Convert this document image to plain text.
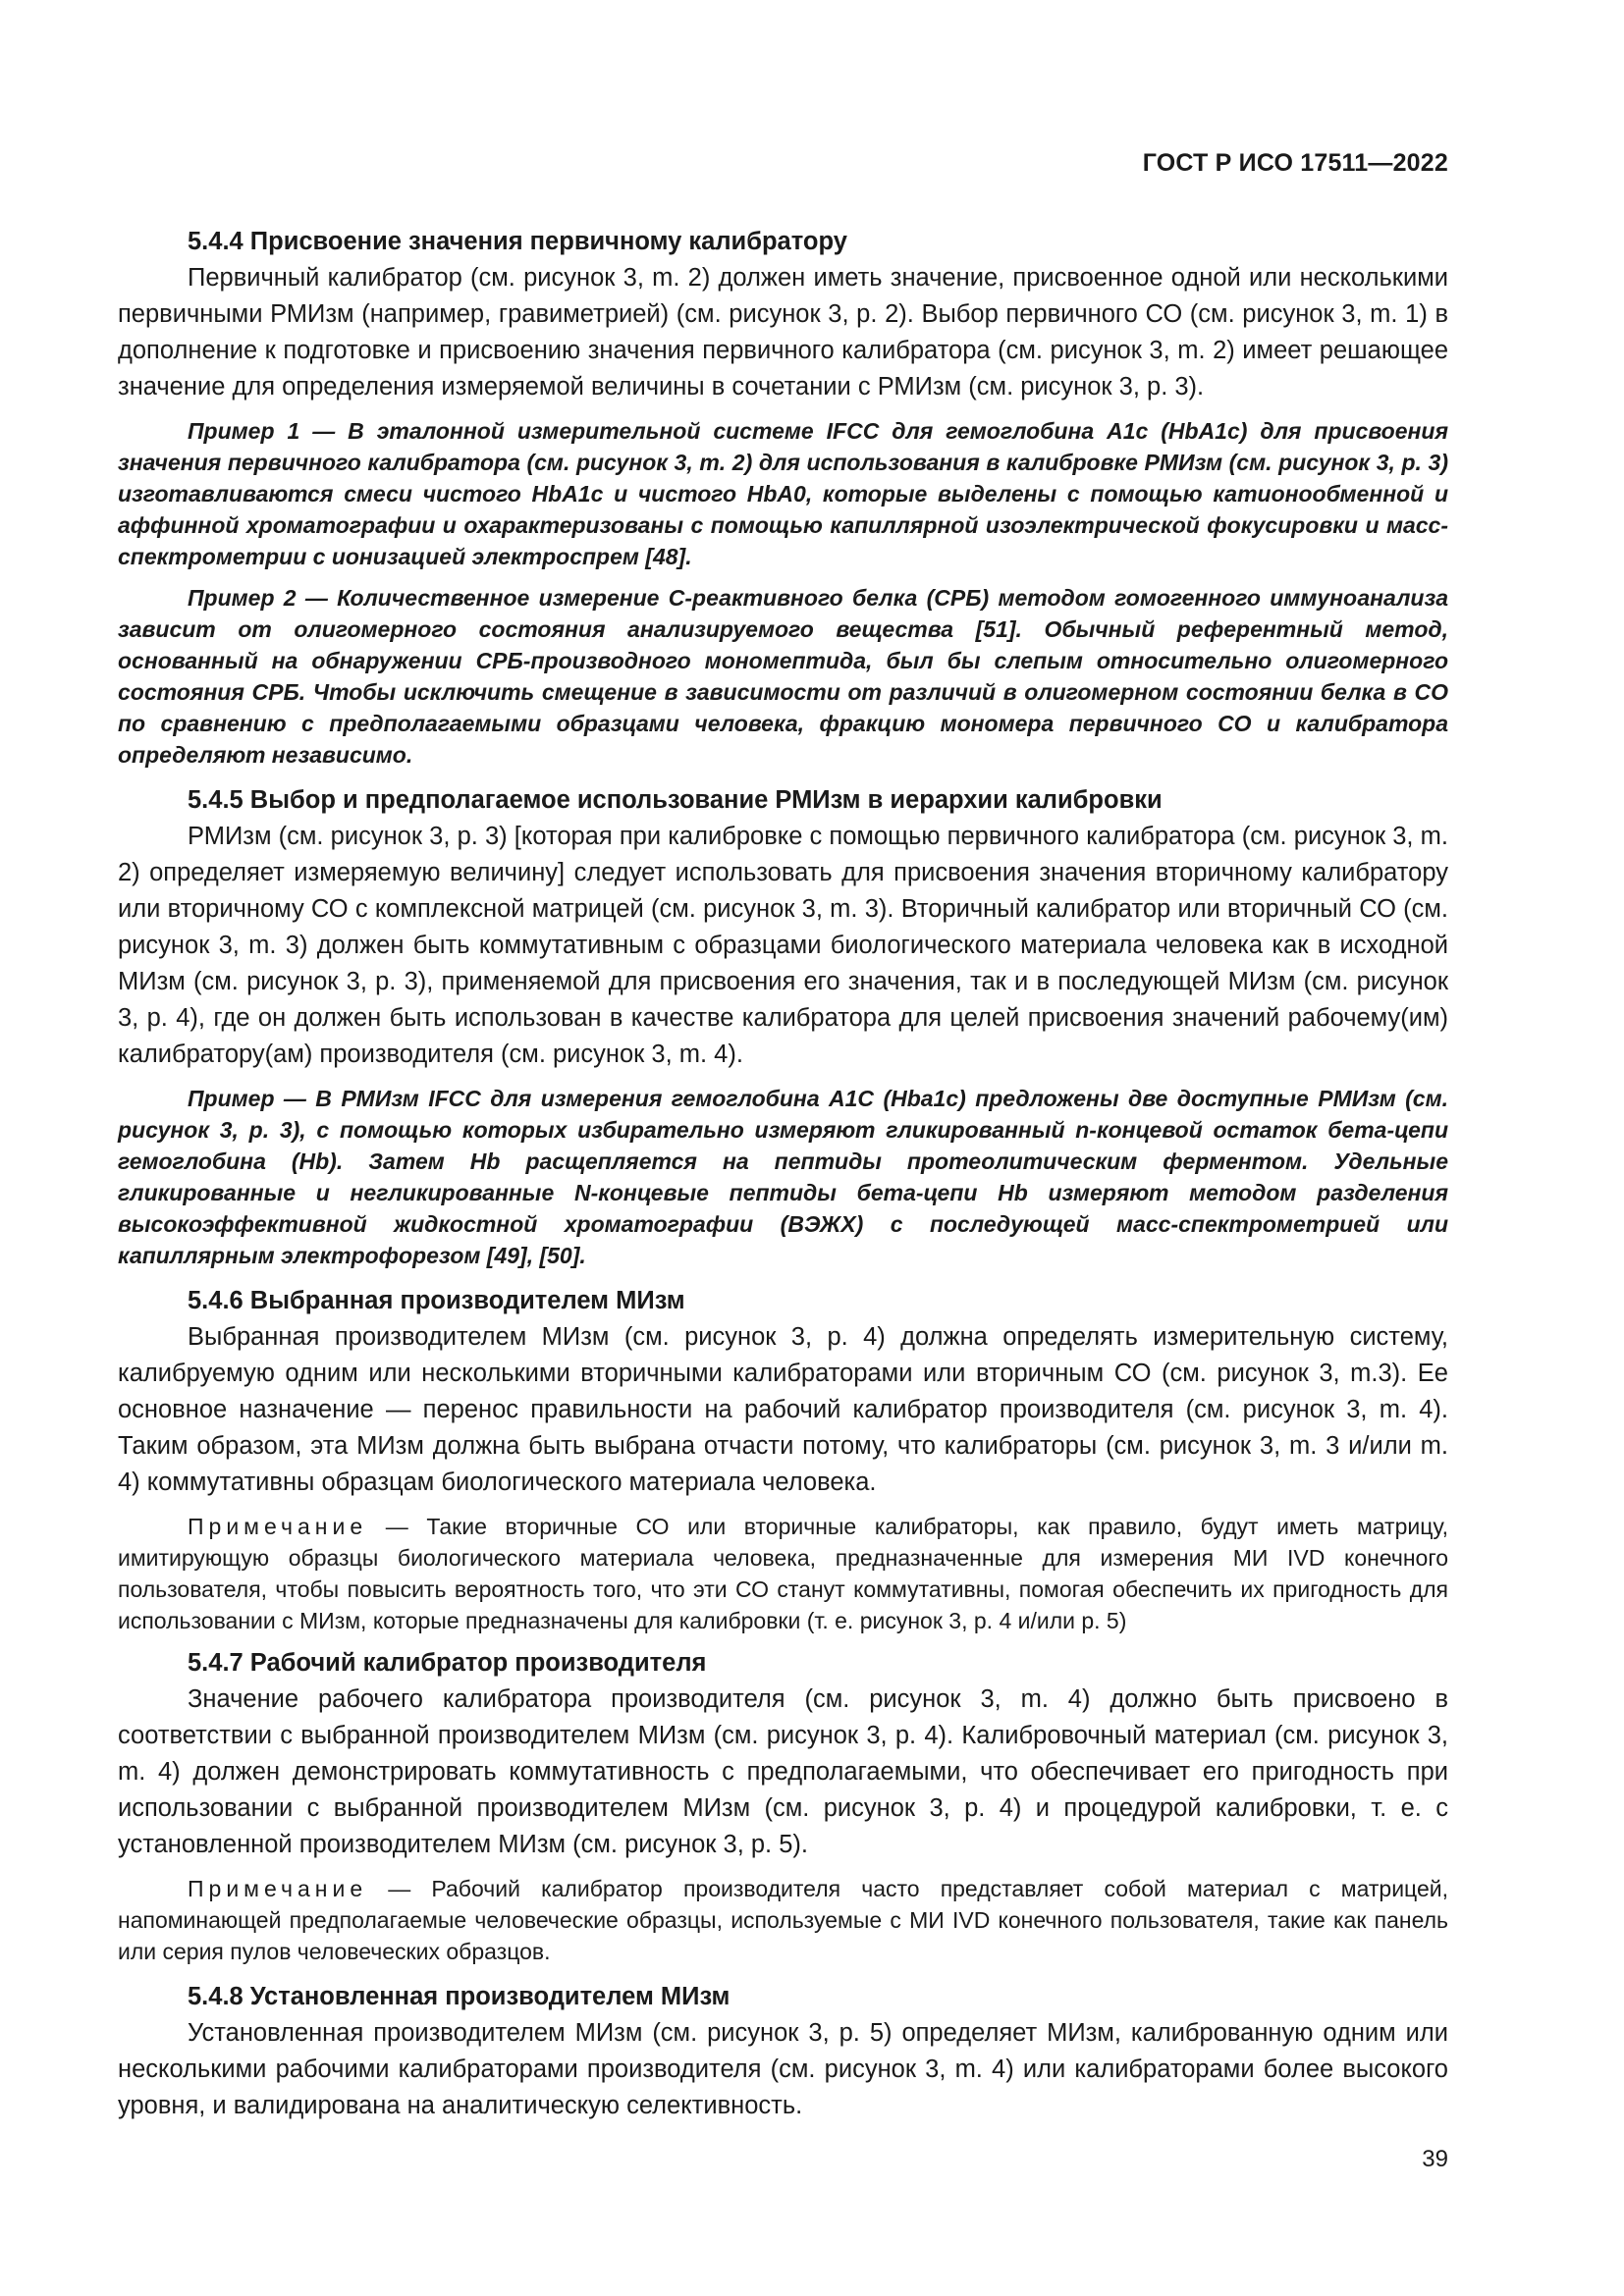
ГОСТ Р ИСО 17511—2022
5.4.4 Присвоение значения первичному калибратору

Первичный калибратор (см. рисунок 3, m. 2) должен иметь значение, присвоенное одной или несколькими первичными РМИзм (например, гравиметрией) (см. рисунок 3, р. 2). Выбор первичного СО (см. рисунок 3, m. 1) в дополнение к подготовке и присвоению значения первичного калибратора (см. рисунок 3, m. 2) имеет решающее значение для определения измеряемой величины в сочетании с РМИзм (см. рисунок 3, р. 3).

Пример 1 — В эталонной измерительной системе IFCC для гемоглобина А1с (HbA1c) для присвоения значения первичного калибратора (см. рисунок 3, m. 2) для использования в калибровке РМИзм (см. рисунок 3, р. 3) изготавливаются смеси чистого HbA1c и чистого HbA0, которые выделены с помощью катионообменной и аффинной хроматографии и охарактеризованы с помощью капиллярной изоэлектрической фокусировки и масс-спектрометрии с ионизацией электроспрем [48].

Пример 2 — Количественное измерение С-реактивного белка (СРБ) методом гомогенного иммуноанализа зависит от олигомерного состояния анализируемого вещества [51]. Обычный референтный метод, основанный на обнаружении СРБ-производного мономептида, был бы слепым относительно олигомерного состояния СРБ. Чтобы исключить смещение в зависимости от различий в олигомерном состоянии белка в СО по сравнению с предполагаемыми образцами человека, фракцию мономера первичного СО и калибратора определяют независимо.

5.4.5 Выбор и предполагаемое использование РМИзм в иерархии калибровки

РМИзм (см. рисунок 3, р. 3) [которая при калибровке с помощью первичного калибратора (см. рисунок 3, m. 2) определяет измеряемую величину] следует использовать для присвоения значения вторичному калибратору или вторичному СО с комплексной матрицей (см. рисунок 3, m. 3). Вторичный калибратор или вторичный СО (см. рисунок 3, m. 3) должен быть коммутативным с образцами биологического материала человека как в исходной МИзм (см. рисунок 3, р. 3), применяемой для присвоения его значения, так и в последующей МИзм (см. рисунок 3, р. 4), где он должен быть использован в качестве калибратора для целей присвоения значений рабочему(им) калибратору(ам) производителя (см. рисунок 3, m. 4).

Пример — В РМИзм IFCC для измерения гемоглобина А1С (Hba1c) предложены две доступные РМИзм (см. рисунок 3, р. 3), с помощью которых избирательно измеряют гликированный n-концевой остаток бета-цепи гемоглобина (Hb). Затем Hb расщепляется на пептиды протеолитическим ферментом. Удельные гликированные и негликированные N-концевые пептиды бета-цепи Hb измеряют методом разделения высокоэффективной жидкостной хроматографии (ВЭЖХ) с последующей масс-спектрометрией или капиллярным электрофорезом [49], [50].

5.4.6 Выбранная производителем МИзм

Выбранная производителем МИзм (см. рисунок 3, р. 4) должна определять измерительную систему, калибруемую одним или несколькими вторичными калибраторами или вторичным СО (см. рисунок 3, m.3). Ее основное назначение — перенос правильности на рабочий калибратор производителя (см. рисунок 3, m. 4). Таким образом, эта МИзм должна быть выбрана отчасти потому, что калибраторы (см. рисунок 3, m. 3 и/или m. 4) коммутативны образцам биологического материала человека.

Примечание — Такие вторичные СО или вторичные калибраторы, как правило, будут иметь матрицу, имитирующую образцы биологического материала человека, предназначенные для измерения МИ IVD конечного пользователя, чтобы повысить вероятность того, что эти СО станут коммутативны, помогая обеспечить их пригодность для использовании с МИзм, которые предназначены для калибровки (т. е. рисунок 3, р. 4 и/или р. 5)

5.4.7 Рабочий калибратор производителя

Значение рабочего калибратора производителя (см. рисунок 3, m. 4) должно быть присвоено в соответствии с выбранной производителем МИзм (см. рисунок 3, р. 4). Калибровочный материал (см. рисунок 3, m. 4) должен демонстрировать коммутативность с предполагаемыми, что обеспечивает его пригодность при использовании с выбранной производителем МИзм (см. рисунок 3, р. 4) и процедурой калибровки, т. е. с установленной производителем МИзм (см. рисунок 3, р. 5).

Примечание — Рабочий калибратор производителя часто представляет собой материал с матрицей, напоминающей предполагаемые человеческие образцы, используемые с МИ IVD конечного пользователя, такие как панель или серия пулов человеческих образцов.

5.4.8 Установленная производителем МИзм

Установленная производителем МИзм (см. рисунок 3, р. 5) определяет МИзм, калиброванную одним или несколькими рабочими калибраторами производителя (см. рисунок 3, m. 4) или калибраторами более высокого уровня, и валидирована на аналитическую селективность.

39
